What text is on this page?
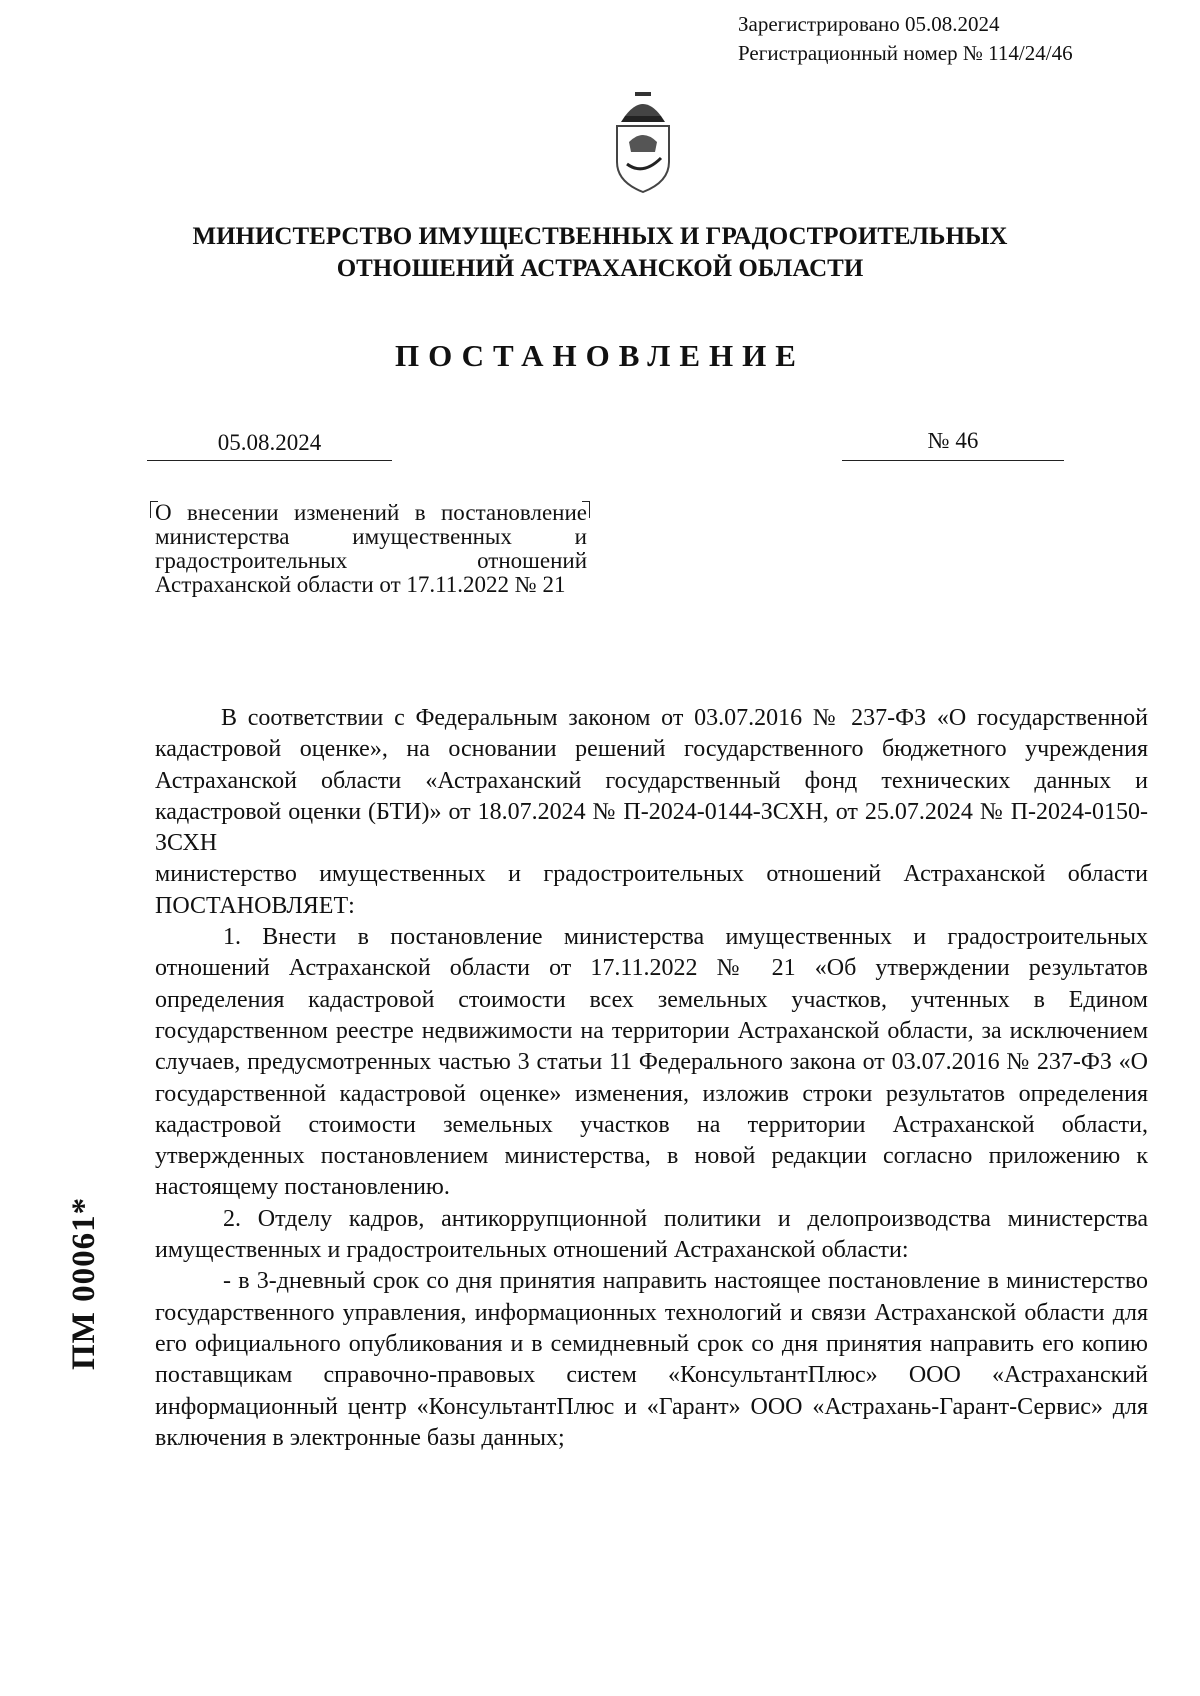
Зарегистрировано 05.08.2024
Регистрационный номер № 114/24/46
МИНИСТЕРСТВО ИМУЩЕСТВЕННЫХ И ГРАДОСТРОИТЕЛЬНЫХ
ОТНОШЕНИЙ АСТРАХАНСКОЙ ОБЛАСТИ
ПОСТАНОВЛЕНИЕ
05.08.2024	№ 46
О внесении изменений в постановление министерства имущественных и градостроительных отношений Астраханской области от 17.11.2022 № 21

В соответствии с Федеральным законом от 03.07.2016 № 237-ФЗ «О государственной кадастровой оценке», на основании решений государственного бюджетного учреждения Астраханской области «Астраханский государственный фонд технических данных и кадастровой оценки (БТИ)» от 18.07.2024 № П-2024-0144-ЗСХН, от 25.07.2024 № П-2024-0150-ЗСХН

министерство имущественных и градостроительных отношений Астраханской области ПОСТАНОВЛЯЕТ:

1. Внести в постановление министерства имущественных и градостроительных отношений Астраханской области от 17.11.2022 № 21 «Об утверждении результатов определения кадастровой стоимости всех земельных участков, учтенных в Едином государственном реестре недвижимости на территории Астраханской области, за исключением случаев, предусмотренных частью 3 статьи 11 Федерального закона от 03.07.2016 № 237-ФЗ «О государственной кадастровой оценке» изменения, изложив строки результатов определения кадастровой стоимости земельных участков на территории Астраханской области, утвержденных постановлением министерства, в новой редакции согласно приложению к настоящему постановлению.

2. Отделу кадров, антикоррупционной политики и делопроизводства министерства имущественных и градостроительных отношений Астраханской области:

- в 3-дневный срок со дня принятия направить настоящее постановление в министерство государственного управления, информационных технологий и связи Астраханской области для его официального опубликования и в семидневный срок со дня принятия направить его копию поставщикам справочно-правовых систем «КонсультантПлюс» ООО «Астраханский информационный центр «КонсультантПлюс и «Гарант» ООО «Астрахань-Гарант-Сервис» для включения в электронные базы данных;

ПМ 00061*
